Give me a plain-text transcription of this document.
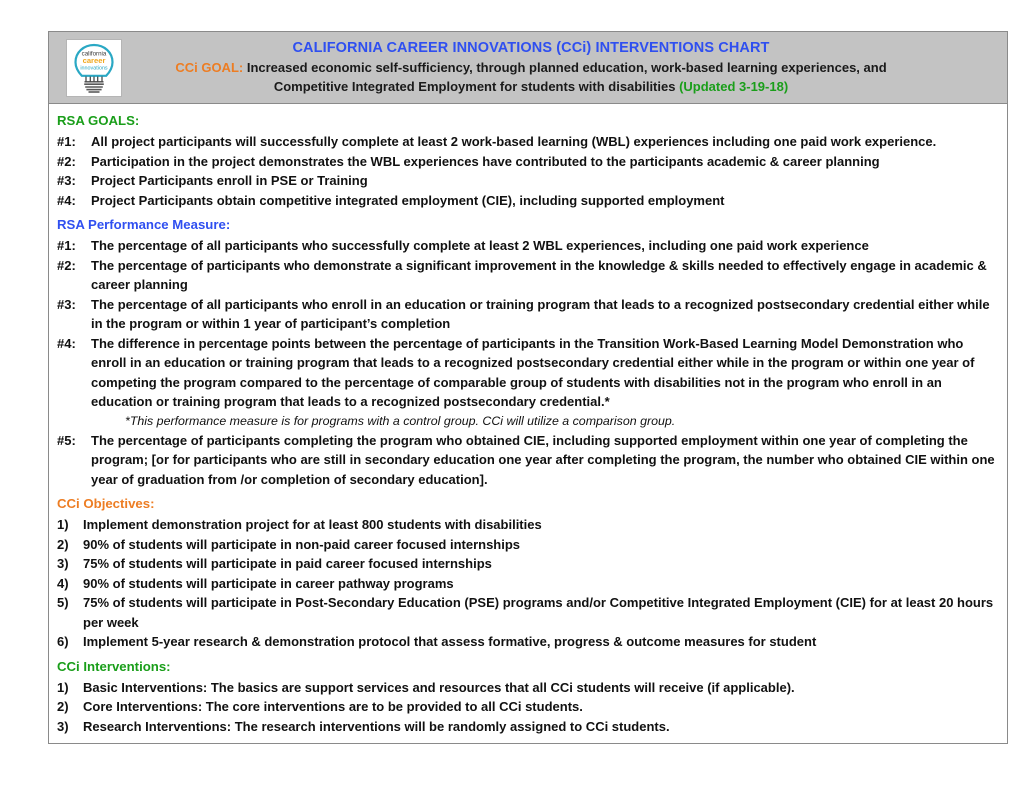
california
career
innovations
CALIFORNIA CAREER INNOVATIONS (CCi) INTERVENTIONS CHART
CCi GOAL: Increased economic self-sufficiency, through planned education, work-based learning experiences, and
Competitive Integrated Employment for students with disabilities (Updated 3-19-18)
RSA GOALS:
#1:	All project participants will successfully complete at least 2 work-based learning (WBL) experiences including one paid work experience.
#2:	Participation in the project demonstrates the WBL experiences have contributed to the participants academic & career planning
#3:	Project Participants enroll in PSE or Training
#4:	Project Participants obtain competitive integrated employment (CIE), including supported employment
RSA Performance Measure:
#1:	The percentage of all participants who successfully complete at least 2 WBL experiences, including one paid work experience
#2:	The percentage of participants who demonstrate a significant improvement in the knowledge & skills needed to effectively engage in academic & career planning
#3:	The percentage of all participants who enroll in an education or training program that leads to a recognized postsecondary credential either while in the program or within 1 year of participant’s completion
#4:	The difference in percentage points between the percentage of participants in the Transition Work-Based Learning Model Demonstration who enroll in an education or training program that leads to a recognized postsecondary credential either while in the program or within one year of competing the program compared to the percentage of comparable group of students with disabilities not in the program who enroll in an education or training program that leads to a recognized postsecondary credential.*
*This performance measure is for programs with a control group. CCi will utilize a comparison group.
#5:	The percentage of participants completing the program who obtained CIE, including supported employment within one year of completing the program; [or for participants who are still in secondary education one year after completing the program, the number who obtained CIE within one year of graduation from /or completion of secondary education].
CCi Objectives:
1)	Implement demonstration project for at least 800 students with disabilities
2)	90% of students will participate in non-paid career focused internships
3)	75% of students will participate in paid career focused internships
4)	90% of students will participate in career pathway programs
5)	75% of students will participate in Post-Secondary Education (PSE) programs and/or Competitive Integrated Employment (CIE) for at least 20 hours per week
6)	Implement 5-year research & demonstration protocol that assess formative, progress & outcome measures for student
CCi Interventions:
1)	Basic Interventions: The basics are support services and resources that all CCi students will receive (if applicable).
2)	Core Interventions: The core interventions are to be provided to all CCi students.
3)	Research Interventions: The research interventions will be randomly assigned to CCi students.
